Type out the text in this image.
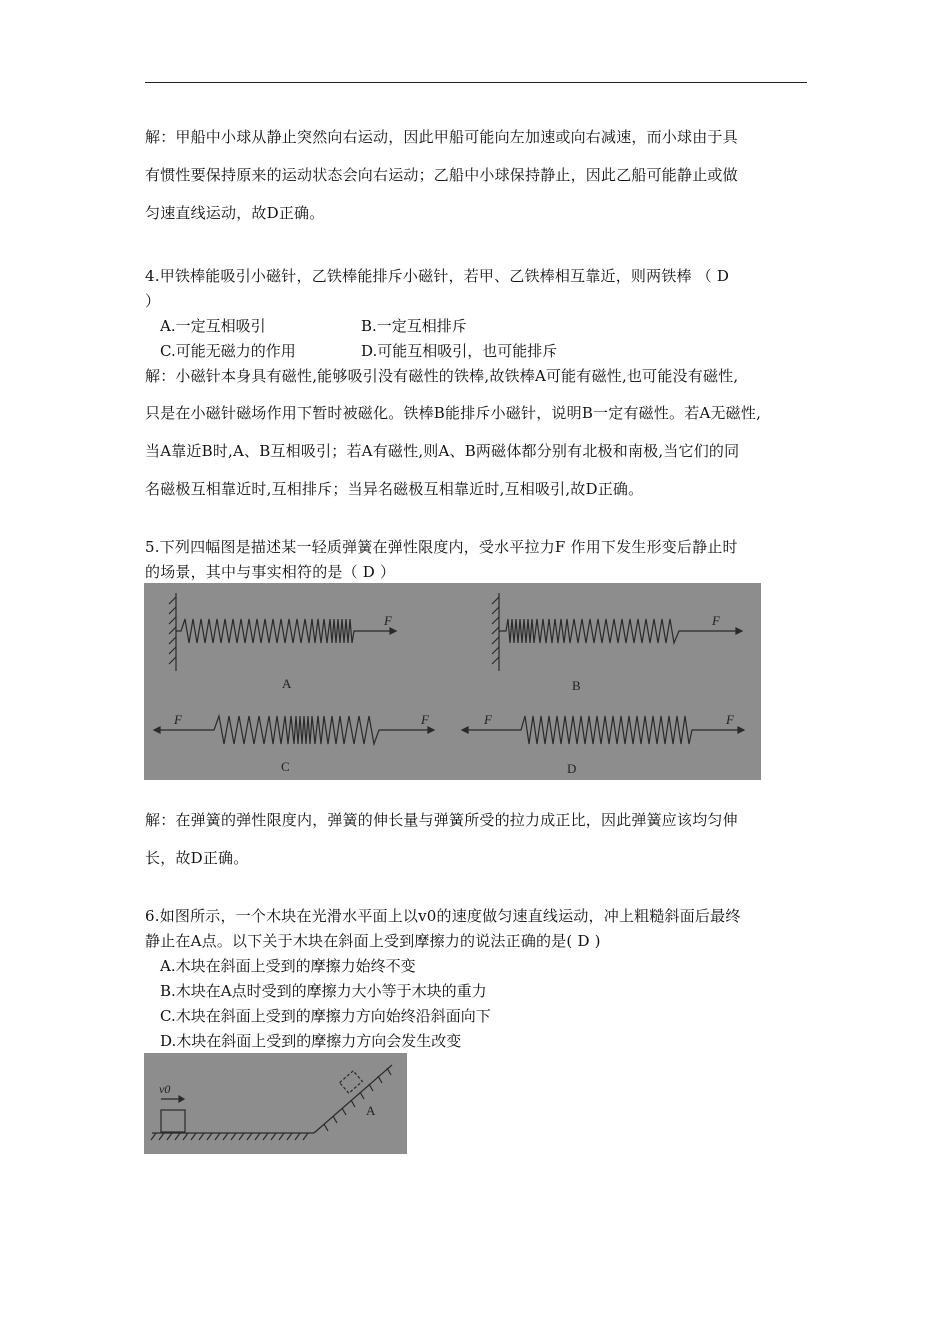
解：甲船中小球从静止突然向右运动，因此甲船可能向左加速或向右减速，而小球由于具
有惯性要保持原来的运动状态会向右运动；乙船中小球保持静止，因此乙船可能静止或做
匀速直线运动，故D正确。
4.甲铁棒能吸引小磁针，乙铁棒能排斥小磁针，若甲、乙铁棒相互靠近，则两铁棒 （ D
）
A.一定互相吸引	B.一定互相排斥
C.可能无磁力的作用	D.可能互相吸引，也可能排斥
解：小磁针本身具有磁性,能够吸引没有磁性的铁棒,故铁棒A可能有磁性,也可能没有磁性,
只是在小磁针磁场作用下暂时被磁化。铁棒B能排斥小磁针，说明B一定有磁性。若A无磁性,
当A靠近B时,A、B互相吸引；若A有磁性,则A、B两磁体都分别有北极和南极,当它们的同
名磁极互相靠近时,互相排斥；当异名磁极互相靠近时,互相吸引,故D正确。
5.下列四幅图是描述某一轻质弹簧在弹性限度内，受水平拉力F 作用下发生形变后静止时
的场景，其中与事实相符的是（ D ）
F	F
F	F	F	F
A	B
C	D
解：在弹簧的弹性限度内，弹簧的伸长量与弹簧所受的拉力成正比，因此弹簧应该均匀伸
长，故D正确。
6.如图所示，一个木块在光滑水平面上以v0的速度做匀速直线运动，冲上粗糙斜面后最终
静止在A点。以下关于木块在斜面上受到摩擦力的说法正确的是( D )
A.木块在斜面上受到的摩擦力始终不变
B.木块在A点时受到的摩擦力大小等于木块的重力
C.木块在斜面上受到的摩擦力方向始终沿斜面向下
D.木块在斜面上受到的摩擦力方向会发生改变
v0
A
